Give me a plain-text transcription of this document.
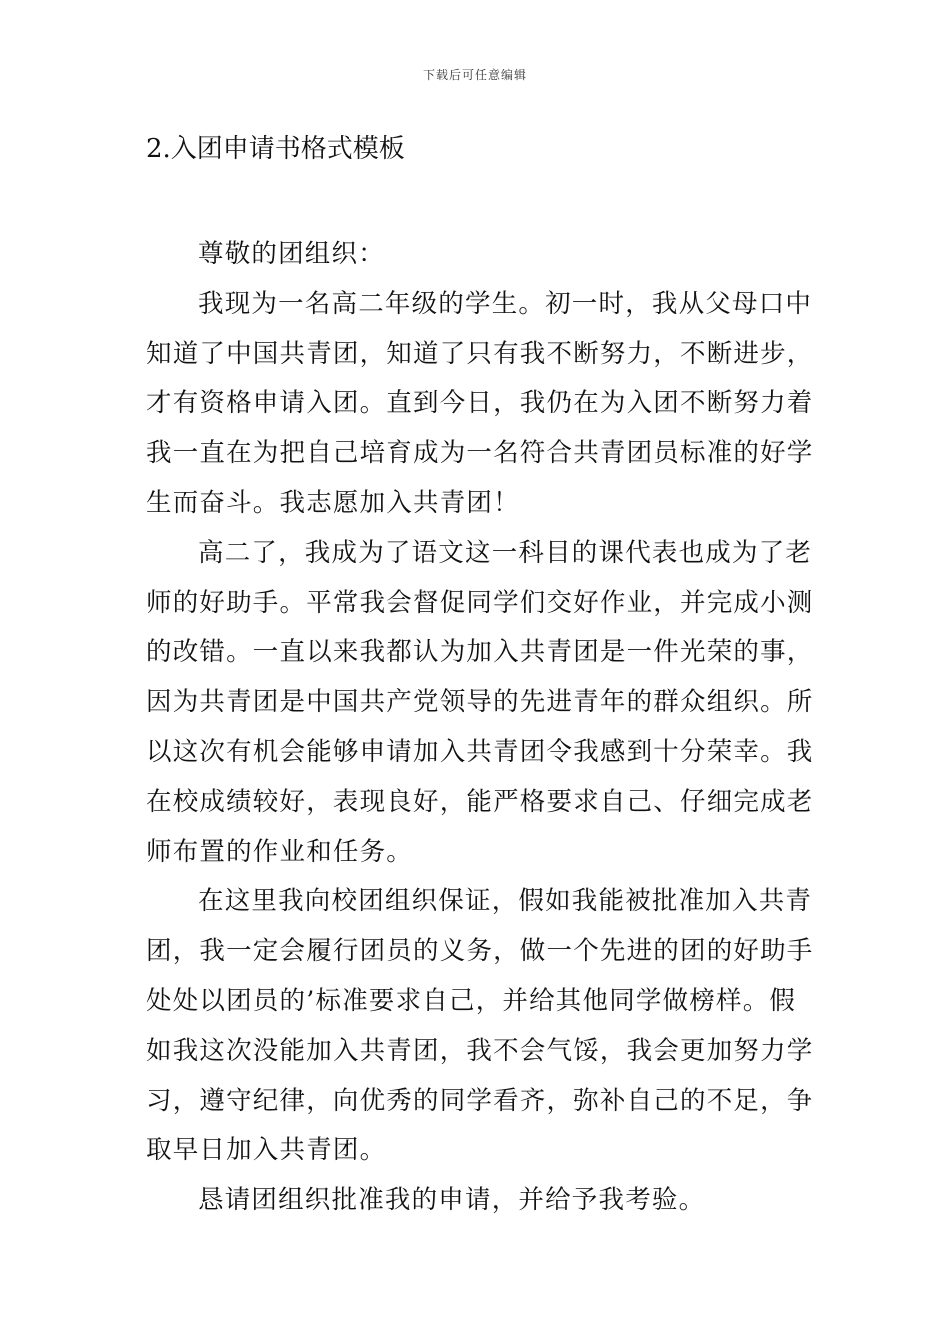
下载后可任意编辑
2.入团申请书格式模板
尊敬的团组织：
我现为一名高二年级的学生。初一时，我从父母口中
知道了中国共青团，知道了只有我不断努力，不断进步，
才有资格申请入团。直到今日，我仍在为入团不断努力着
我一直在为把自己培育成为一名符合共青团员标准的好学
生而奋斗。我志愿加入共青团！
高二了，我成为了语文这一科目的课代表也成为了老
师的好助手。平常我会督促同学们交好作业，并完成小测
的改错。一直以来我都认为加入共青团是一件光荣的事，
因为共青团是中国共产党领导的先进青年的群众组织。所
以这次有机会能够申请加入共青团令我感到十分荣幸。我
在校成绩较好，表现良好，能严格要求自己、仔细完成老
师布置的作业和任务。
在这里我向校团组织保证，假如我能被批准加入共青
团，我一定会履行团员的义务，做一个先进的团的好助手
处处以团员的’标准要求自己，并给其他同学做榜样。假
如我这次没能加入共青团，我不会气馁，我会更加努力学
习，遵守纪律，向优秀的同学看齐，弥补自己的不足，争
取早日加入共青团。
恳请团组织批准我的申请，并给予我考验。
